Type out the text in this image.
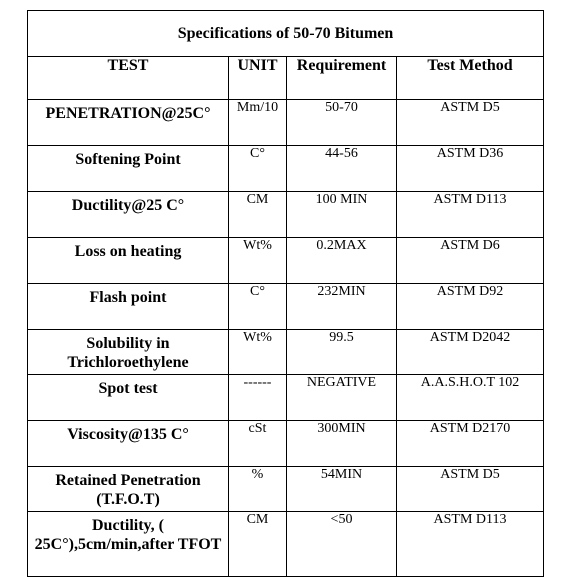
Specifications of 50-70 Bitumen			
TEST	UNIT	Requirement	Test Method
PENETRATION@25C°	Mm/10	50-70	ASTM D5
Softening Point	C°	44-56	ASTM D36
Ductility@25 C°	CM	100 MIN	ASTM D113
Loss on heating	Wt%	0.2MAX	ASTM D6
Flash point	C°	232MIN	ASTM D92
Solubility in Trichloroethylene	Wt%	99.5	ASTM D2042
Spot test	------	NEGATIVE	A.A.S.H.O.T 102
Viscosity@135 C°	cSt	300MIN	ASTM D2170
Retained Penetration (T.F.O.T)	%	54MIN	ASTM D5
Ductility, ( 25C°),5cm/min,after TFOT	CM	<50	ASTM D113
